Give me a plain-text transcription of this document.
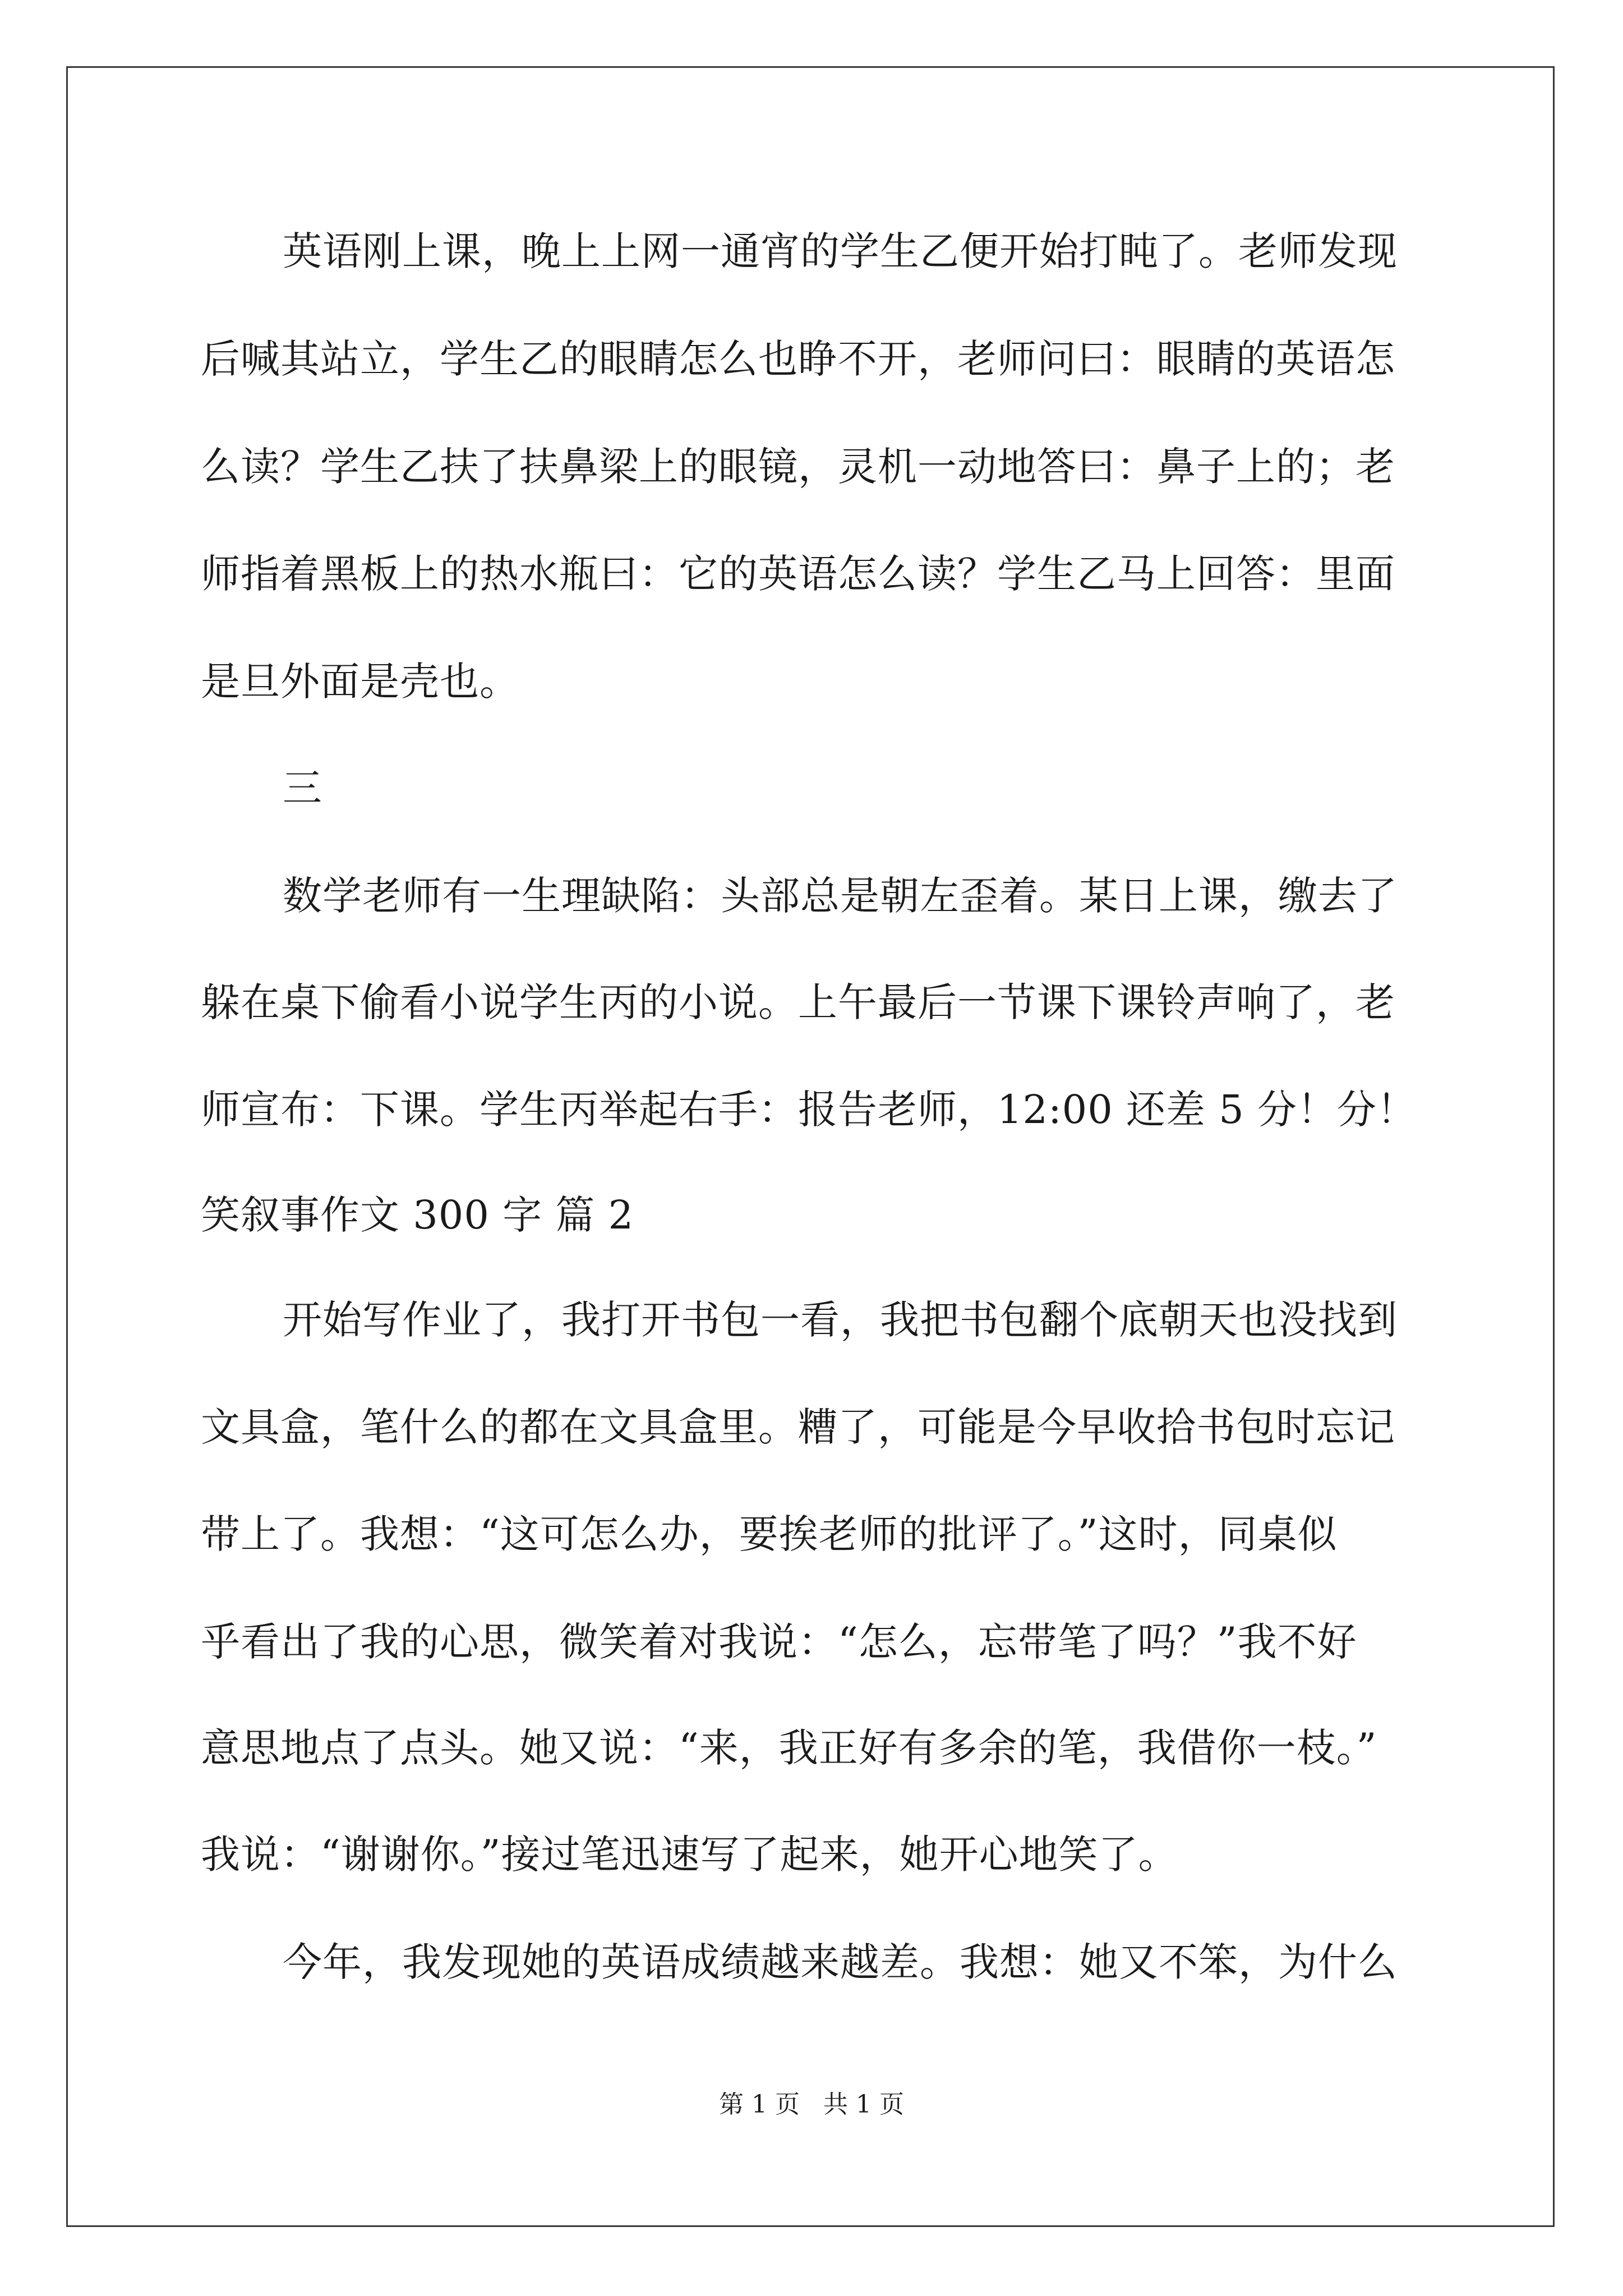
英语刚上课，晚上上网一通宵的学生乙便开始打盹了。老师发现
后喊其站立，学生乙的眼睛怎么也睁不开，老师问曰：眼睛的英语怎
么读？学生乙扶了扶鼻梁上的眼镜，灵机一动地答曰：鼻子上的；老
师指着黑板上的热水瓶曰：它的英语怎么读？学生乙马上回答：里面
是旦外面是壳也。
三
数学老师有一生理缺陷：头部总是朝左歪着。某日上课，缴去了
躲在桌下偷看小说学生丙的小说。上午最后一节课下课铃声响了，老
师宣布：下课。学生丙举起右手：报告老师，12:00 还差 5 分！分！
笑叙事作文 300 字 篇 2
开始写作业了，我打开书包一看，我把书包翻个底朝天也没找到
文具盒，笔什么的都在文具盒里。糟了，可能是今早收拾书包时忘记
带上了。我想：“这可怎么办，要挨老师的批评了。”这时，同桌似
乎看出了我的心思，微笑着对我说：“怎么，忘带笔了吗？”我不好
意思地点了点头。她又说：“来，我正好有多余的笔，我借你一枝。”
我说：“谢谢你。”接过笔迅速写了起来，她开心地笑了。
今年，我发现她的英语成绩越来越差。我想：她又不笨，为什么
第 1 页   共 1 页
